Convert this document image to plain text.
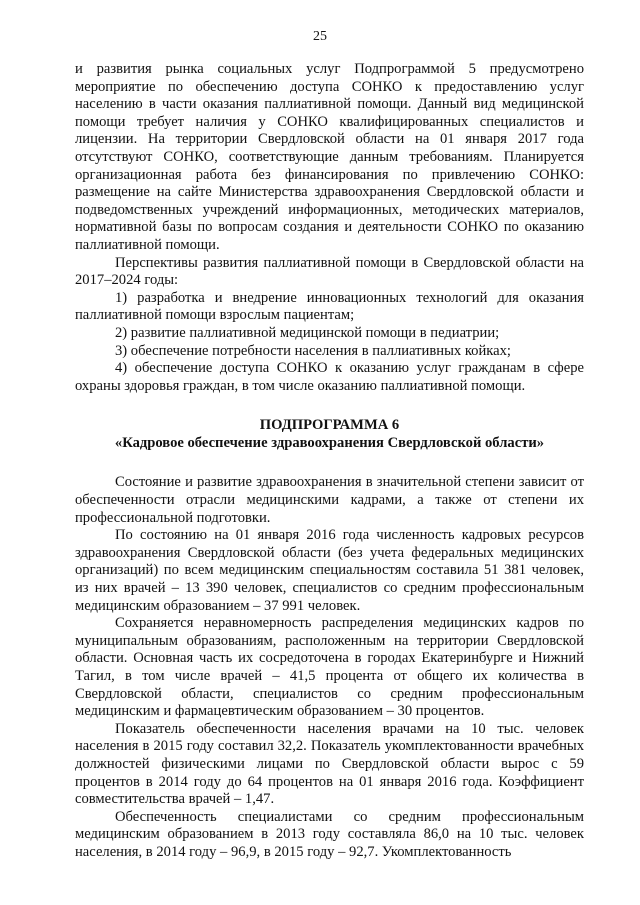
25

и развития рынка социальных услуг Подпрограммой 5 предусмотрено мероприятие по обеспечению доступа СОНКО к предоставлению услуг населению в части оказания паллиативной помощи. Данный вид медицинской помощи требует наличия у СОНКО квалифицированных специалистов и лицензии. На территории Свердловской области на 01 января 2017 года отсутствуют СОНКО, соответствующие данным требованиям. Планируется организационная работа без финансирования по привлечению СОНКО: размещение на сайте Министерства здравоохранения Свердловской области и подведомственных учреждений информационных, методических материалов, нормативной базы по вопросам создания и деятельности СОНКО по оказанию паллиативной помощи.

Перспективы развития паллиативной помощи в Свердловской области на 2017–2024 годы:

1) разработка и внедрение инновационных технологий для оказания паллиативной помощи взрослым пациентам;

2) развитие паллиативной медицинской помощи в педиатрии;

3) обеспечение потребности населения в паллиативных койках;

4) обеспечение доступа СОНКО к оказанию услуг гражданам в сфере охраны здоровья граждан, в том числе оказанию паллиативной помощи.

ПОДПРОГРАММА 6

«Кадровое обеспечение здравоохранения Свердловской области»

Состояние и развитие здравоохранения в значительной степени зависит от обеспеченности отрасли медицинскими кадрами, а также от степени их профессиональной подготовки.

По состоянию на 01 января 2016 года численность кадровых ресурсов здравоохранения Свердловской области (без учета федеральных медицинских организаций) по всем медицинским специальностям составила 51 381 человек, из них врачей – 13 390 человек, специалистов со средним профессиональным медицинским образованием – 37 991 человек.

Сохраняется неравномерность распределения медицинских кадров по муниципальным образованиям, расположенным на территории Свердловской области. Основная часть их сосредоточена в городах Екатеринбурге и Нижний Тагил, в том числе врачей – 41,5 процента от общего их количества в Свердловской области, специалистов со средним профессиональным медицинским и фармацевтическим образованием – 30 процентов.

Показатель обеспеченности населения врачами на 10 тыс. человек населения в 2015 году составил 32,2. Показатель укомплектованности врачебных должностей физическими лицами по Свердловской области вырос с 59 процентов в 2014 году до 64 процентов на 01 января 2016 года. Коэффициент совместительства врачей – 1,47.

Обеспеченность специалистами со средним профессиональным медицинским образованием в 2013 году составляла 86,0 на 10 тыс. человек населения, в 2014 году – 96,9, в 2015 году – 92,7. Укомплектованность
